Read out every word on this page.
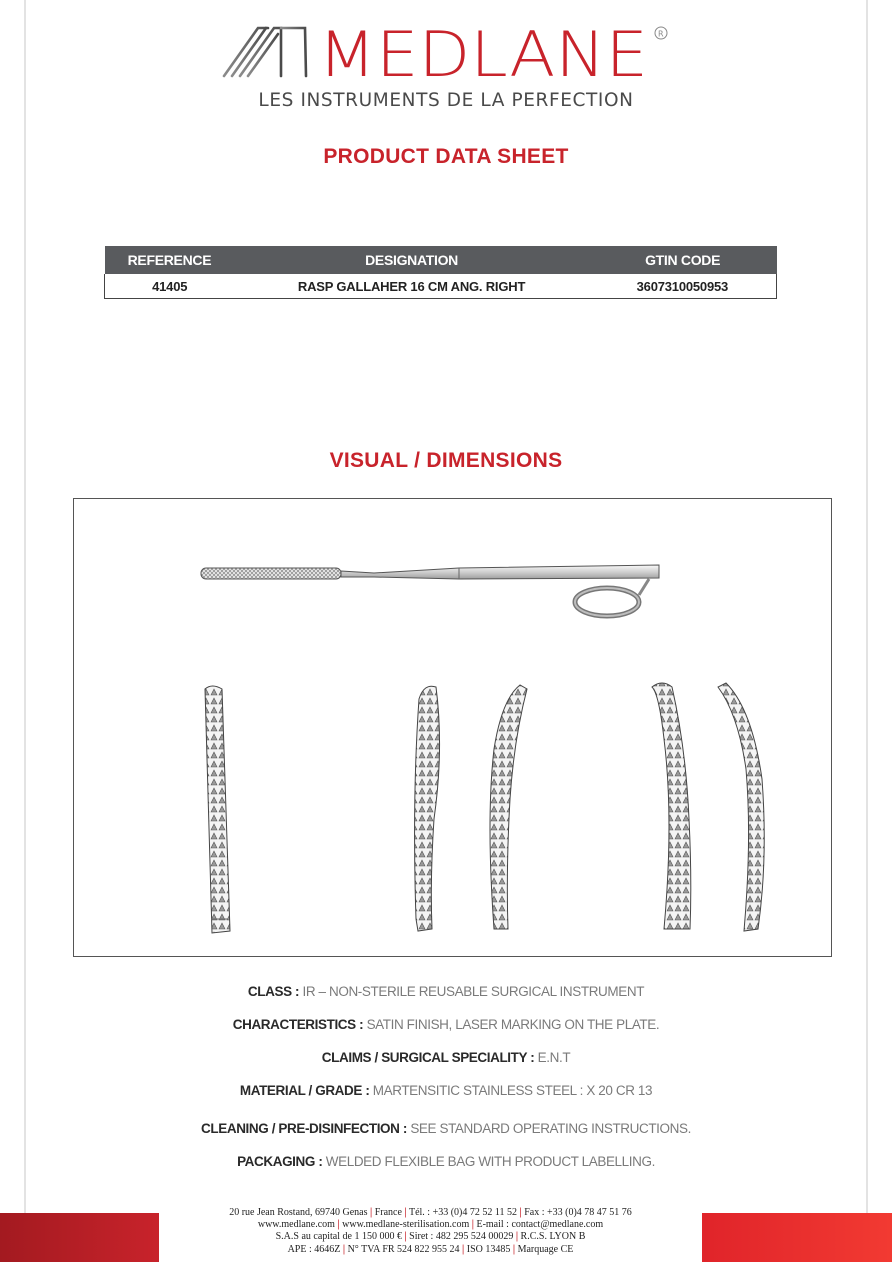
MEDLANE R
LES INSTRUMENTS DE LA PERFECTION
PRODUCT DATA SHEET
REFERENCE	DESIGNATION	GTIN CODE
41405	RASP GALLAHER 16 CM ANG. RIGHT	3607310050953
VISUAL / DIMENSIONS
CLASS : IR – NON-STERILE REUSABLE SURGICAL INSTRUMENT
CHARACTERISTICS : SATIN FINISH, LASER MARKING ON THE PLATE.
CLAIMS / SURGICAL SPECIALITY : E.N.T
MATERIAL / GRADE : MARTENSITIC STAINLESS STEEL : X 20 CR 13
CLEANING / PRE-DISINFECTION : SEE STANDARD OPERATING INSTRUCTIONS.
PACKAGING : WELDED FLEXIBLE BAG WITH PRODUCT LABELLING.
20 rue Jean Rostand, 69740 Genas | France | Tél. : +33 (0)4 72 52 11 52 | Fax : +33 (0)4 78 47 51 76
www.medlane.com | www.medlane-sterilisation.com | E-mail : contact@medlane.com
S.A.S au capital de 1 150 000 € | Siret : 482 295 524 00029 | R.C.S. LYON B
APE : 4646Z | N° TVA FR 524 822 955 24 | ISO 13485 | Marquage CE
